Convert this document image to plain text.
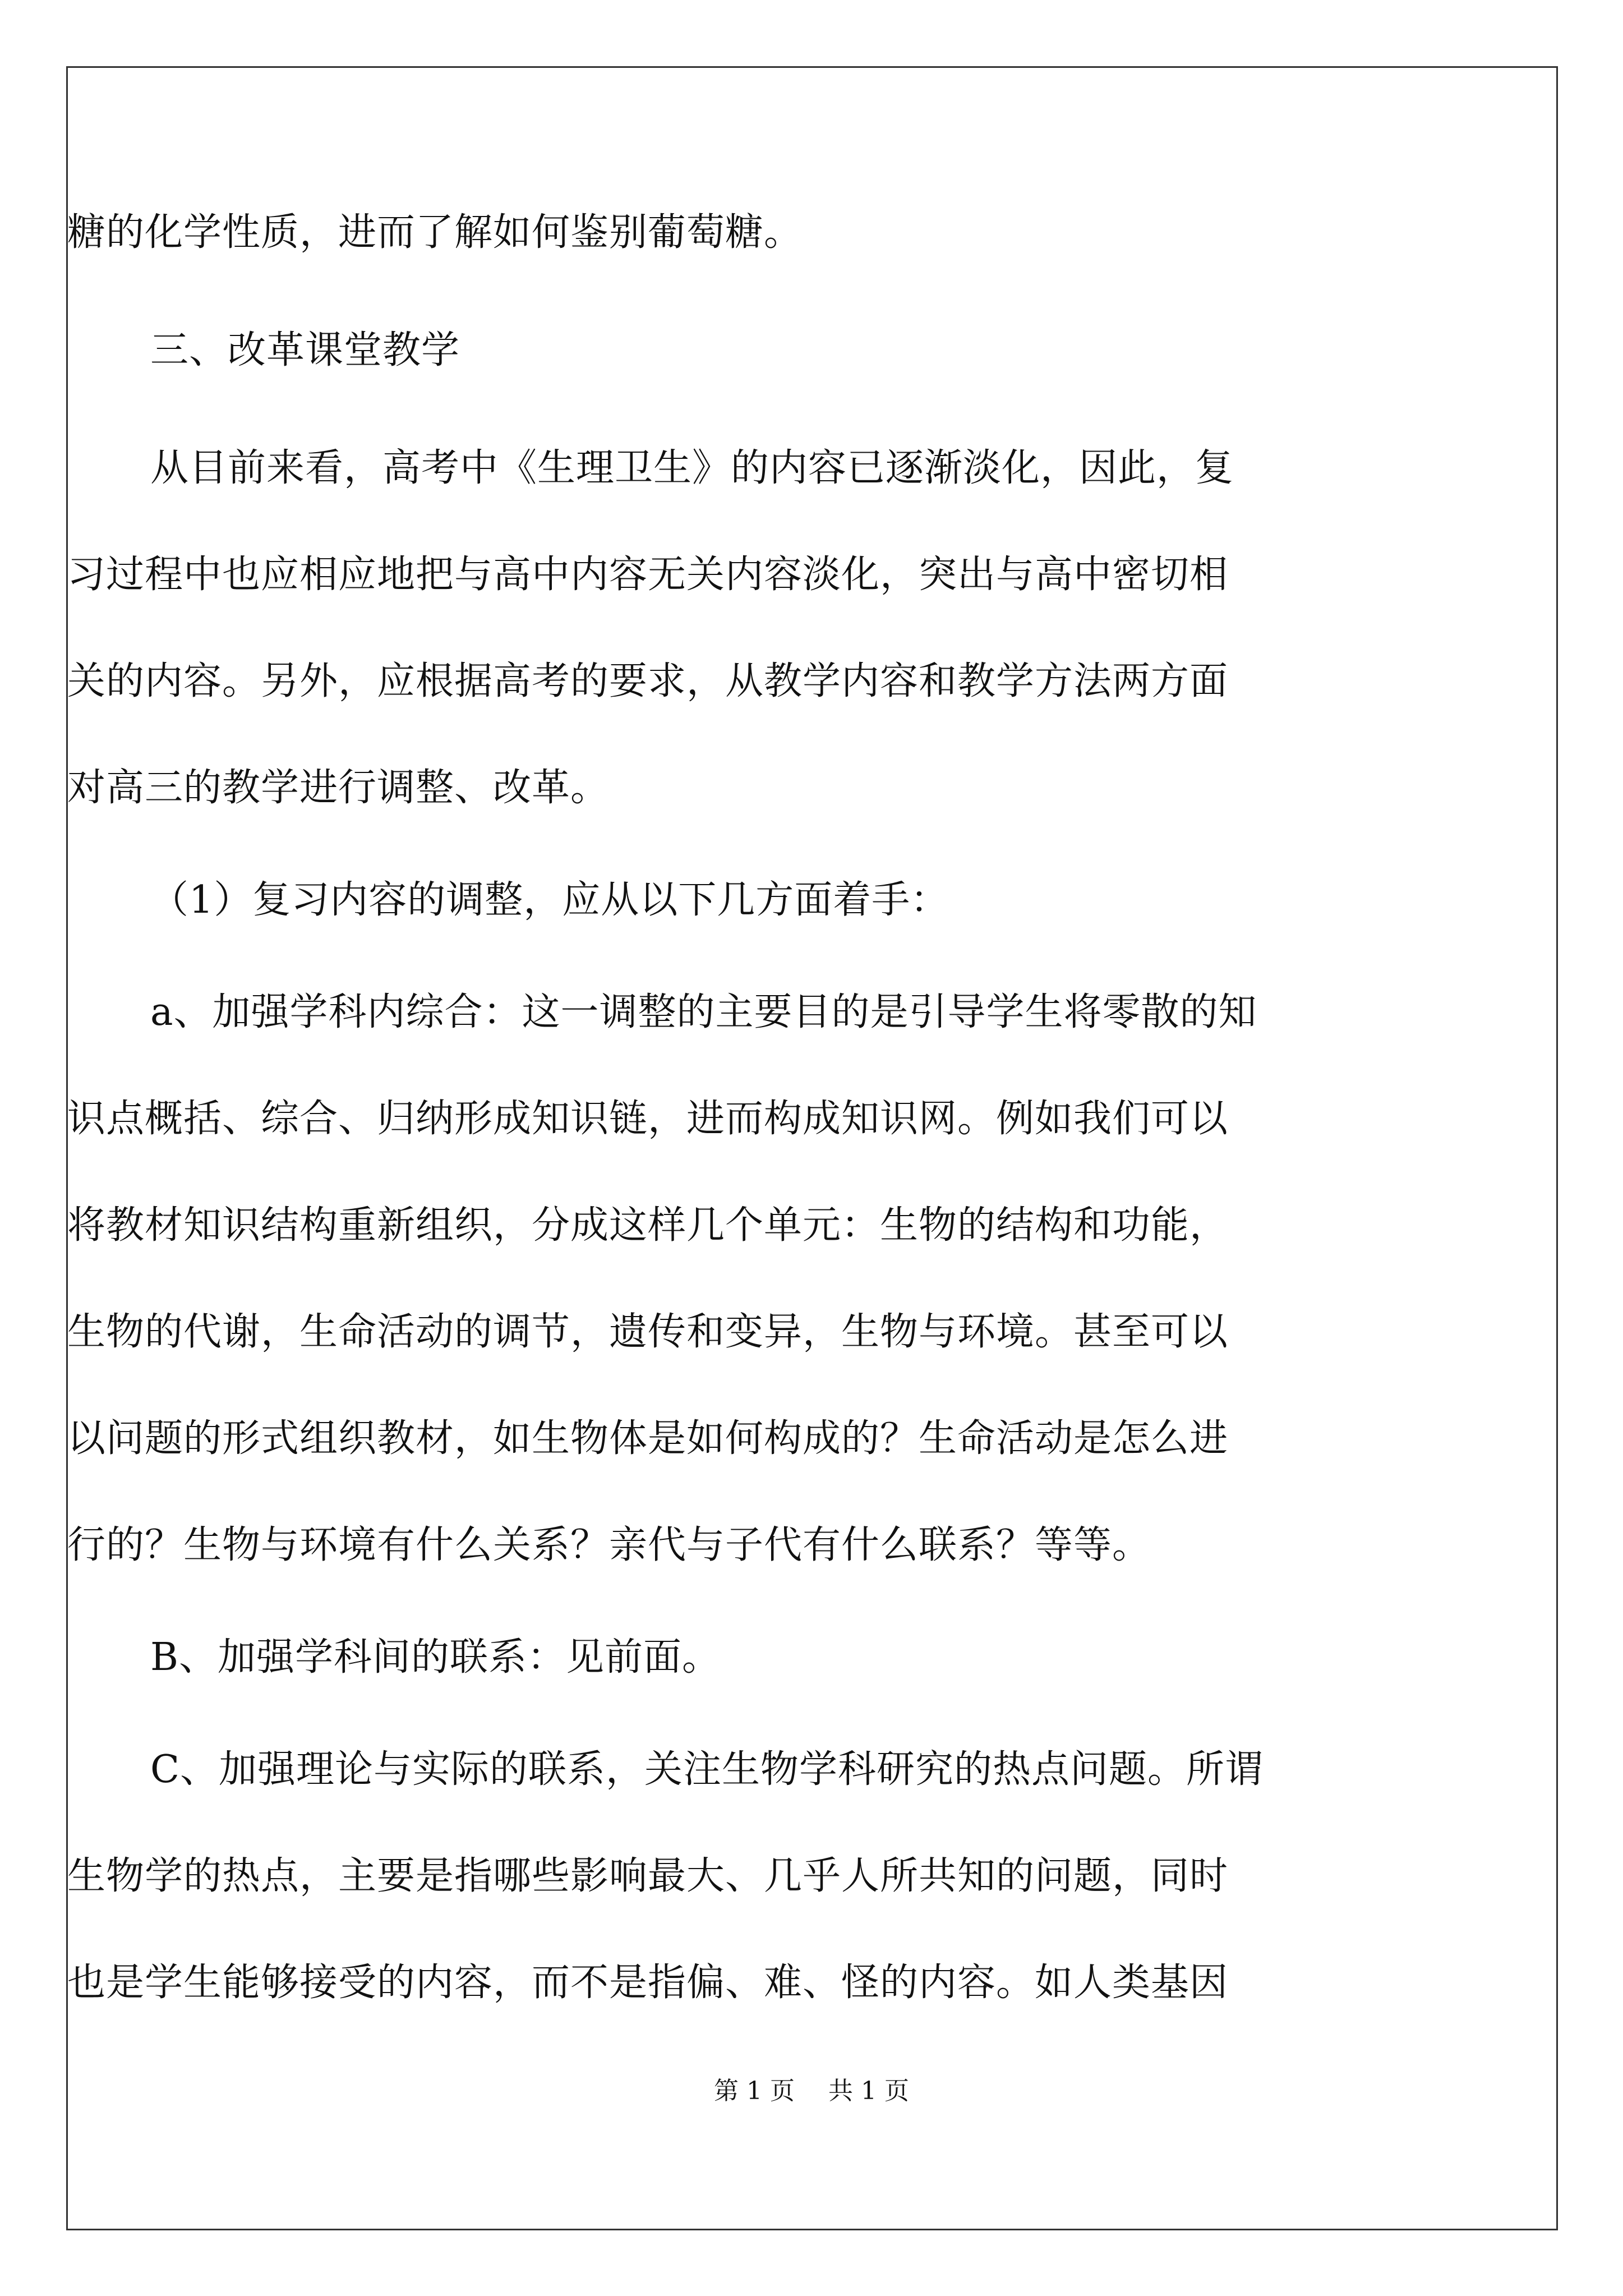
糖的化学性质，进而了解如何鉴别葡萄糖。
三、改革课堂教学
从目前来看，高考中《生理卫生》的内容已逐渐淡化，因此，复
习过程中也应相应地把与高中内容无关内容淡化，突出与高中密切相
关的内容。另外，应根据高考的要求，从教学内容和教学方法两方面
对高三的教学进行调整、改革。
（1）复习内容的调整，应从以下几方面着手：
a、加强学科内综合：这一调整的主要目的是引导学生将零散的知
识点概括、综合、归纳形成知识链，进而构成知识网。例如我们可以
将教材知识结构重新组织，分成这样几个单元：生物的结构和功能，
生物的代谢，生命活动的调节，遗传和变异，生物与环境。甚至可以
以问题的形式组织教材，如生物体是如何构成的？生命活动是怎么进
行的？生物与环境有什么关系？亲代与子代有什么联系？等等。
B、加强学科间的联系：见前面。
C、加强理论与实际的联系，关注生物学科研究的热点问题。所谓
生物学的热点，主要是指哪些影响最大、几乎人所共知的问题，同时
也是学生能够接受的内容，而不是指偏、难、怪的内容。如人类基因
第 1 页 共 1 页
